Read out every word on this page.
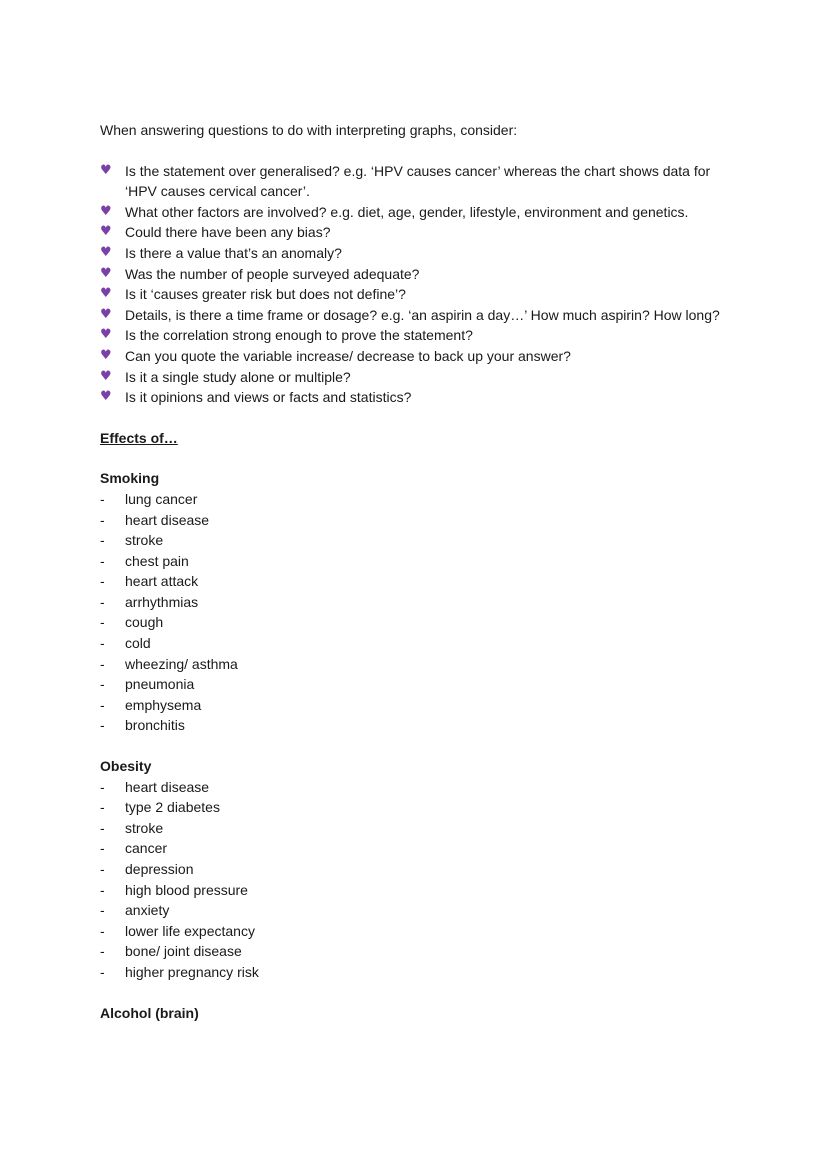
When answering questions to do with interpreting graphs, consider:

♥ Is the statement over generalised? e.g. ‘HPV causes cancer’ whereas the chart shows data for ‘HPV causes cervical cancer’.
♥ What other factors are involved? e.g. diet, age, gender, lifestyle, environment and genetics.
♥ Could there have been any bias?
♥ Is there a value that’s an anomaly?
♥ Was the number of people surveyed adequate?
♥ Is it ‘causes greater risk but does not define’?
♥ Details, is there a time frame or dosage? e.g. ‘an aspirin a day…’ How much aspirin? How long?
♥ Is the correlation strong enough to prove the statement?
♥ Can you quote the variable increase/ decrease to back up your answer?
♥ Is it a single study alone or multiple?
♥ Is it opinions and views or facts and statistics?
Effects of…
Smoking
- lung cancer
- heart disease
- stroke
- chest pain
- heart attack
- arrhythmias
- cough
- cold
- wheezing/ asthma
- pneumonia
- emphysema
- bronchitis
Obesity
- heart disease
- type 2 diabetes
- stroke
- cancer
- depression
- high blood pressure
- anxiety
- lower life expectancy
- bone/ joint disease
- higher pregnancy risk
Alcohol (brain)
